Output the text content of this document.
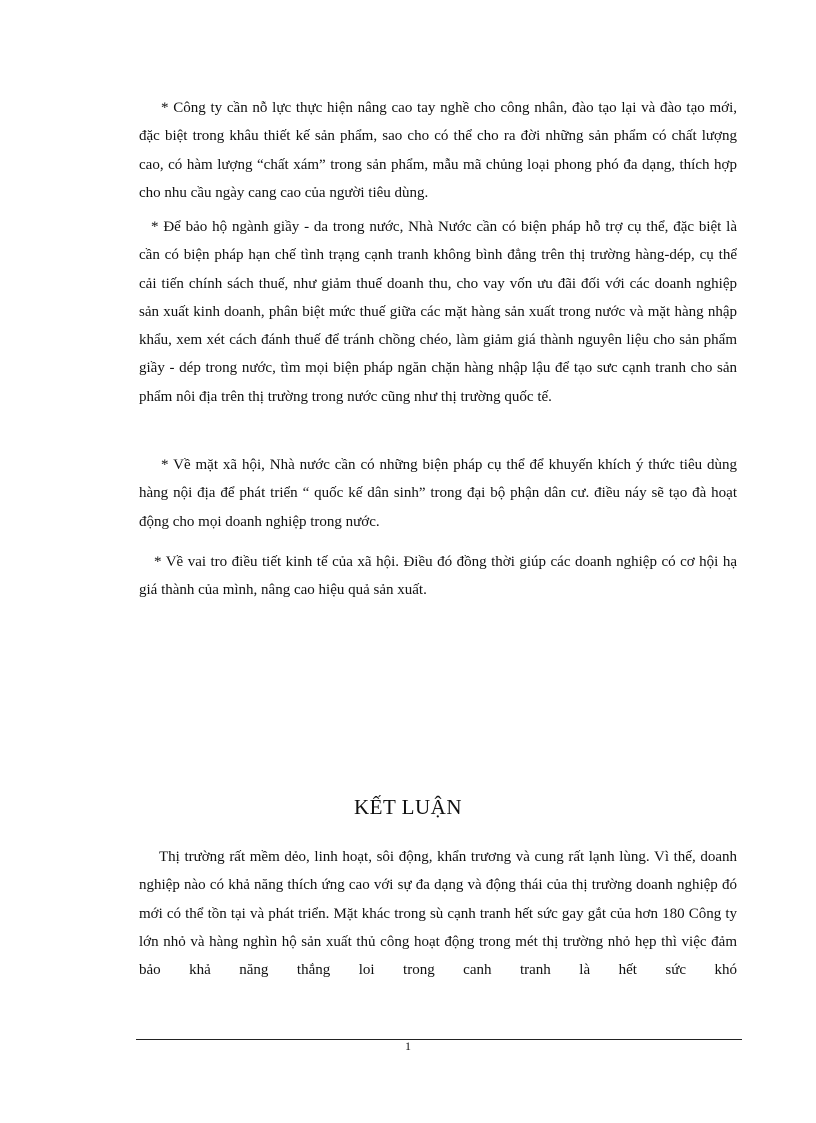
* Công ty cần nỗ lực thực hiện nâng cao tay nghề cho công nhân, đào tạo lại và đào tạo mới, đặc biệt trong khâu thiết kế sản phẩm, sao cho có thể cho ra đời những sản phẩm có chất lượng cao, có hàm lượng “chất xám” trong sản phẩm, mẫu mã chủng loại phong phó đa dạng, thích hợp cho nhu cầu ngày cang cao của người tiêu dùng.

* Để bảo hộ ngành giầy - da trong nước, Nhà Nước cần có biện pháp hỗ trợ cụ thể, đặc biệt là cần có biện pháp hạn chế tình trạng cạnh tranh không bình đẳng trên thị trường hàng-dép, cụ thể cải tiến chính sách thuế, như giảm thuế doanh thu, cho vay vốn ưu đãi đối với các doanh nghiệp sản xuất kinh doanh, phân biệt mức thuế giữa các mặt hàng sản xuất trong nước và mặt hàng nhập khẩu, xem xét cách đánh thuế để tránh chồng chéo, làm giảm giá thành nguyên liệu cho sản phẩm giầy - dép trong nước, tìm mọi biện pháp ngăn chặn hàng nhập lậu để tạo sưc cạnh tranh cho sản phẩm nôi địa trên thị trường trong nước cũng như thị trường quốc tế.

* Về mặt xã hội, Nhà nước cần có những biện pháp cụ thể để khuyến khích ý thức tiêu dùng hàng nội địa để phát triển “ quốc kế dân sinh” trong đại bộ phận dân cư. điều náy sẽ tạo đà hoạt động cho mọi doanh nghiệp trong nước.

* Về vai tro điều tiết kinh tế của xã hội. Điều đó đồng thời giúp các doanh nghiệp có cơ hội hạ giá thành của mình, nâng cao hiệu quả sản xuất.

KẾT LUẬN

Thị trường rất mềm dẻo, linh hoạt, sôi động, khẩn trương và cung rất lạnh lùng. Vì thế, doanh nghiệp nào có khả năng thích ứng cao với sự đa dạng và động thái của thị trường doanh nghiệp đó mới có thể tồn tại và phát triển. Mặt khác trong sù cạnh tranh hết sức gay gắt của hơn 180 Công ty lớn nhỏ và hàng nghìn hộ sản xuất thủ công hoạt động trong mét thị trường nhỏ hẹp thì việc đảm bảo khả năng thắng loi trong canh tranh là hết sức khó

1
